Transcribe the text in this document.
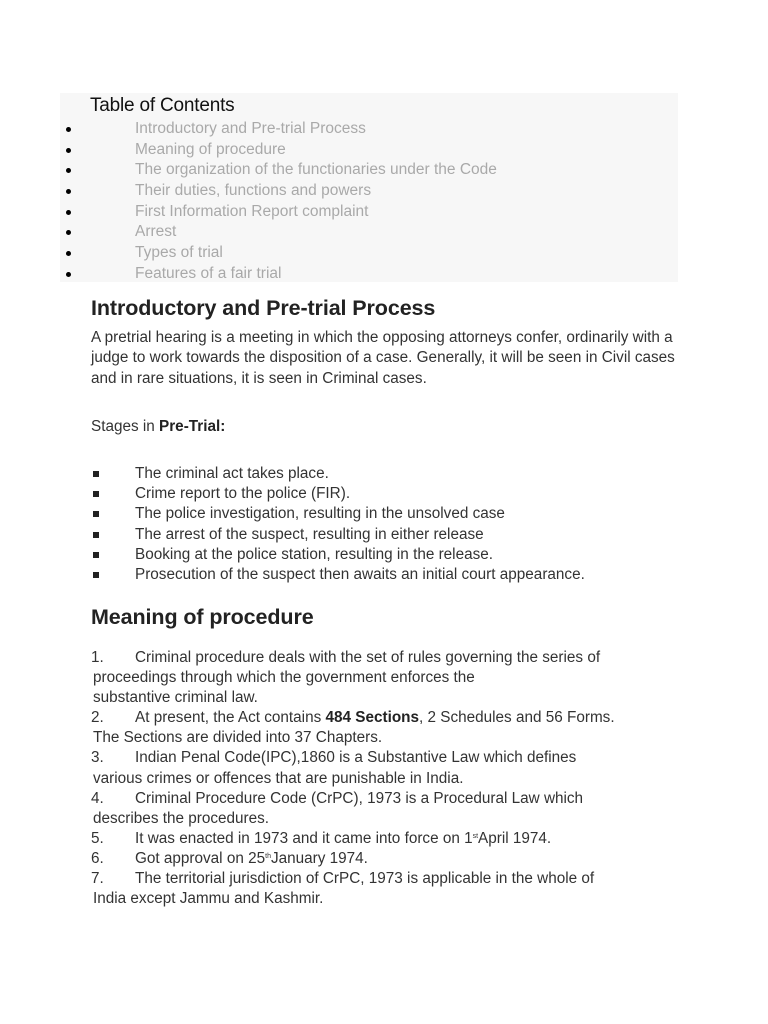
Table of Contents
Introductory and Pre-trial Process
Meaning of procedure
The organization of the functionaries under the Code
Their duties, functions and powers
First Information Report complaint
Arrest
Types of trial
Features of a fair trial
Introductory and Pre-trial Process

A pretrial hearing is a meeting in which the opposing attorneys confer, ordinarily with a judge to work towards the disposition of a case. Generally, it will be seen in Civil cases and in rare situations, it is seen in Criminal cases.

Stages in Pre-Trial:

The criminal act takes place.
Crime report to the police (FIR).
The police investigation, resulting in the unsolved case
The arrest of the suspect, resulting in either release
Booking at the police station, resulting in the release.
Prosecution of the suspect then awaits an initial court appearance.
Meaning of procedure
1.	Criminal procedure deals with the set of rules governing the series of
proceedings through which the government enforces the
substantive criminal law.
2.	At present, the Act contains 484 Sections, 2 Schedules and 56 Forms.
The Sections are divided into 37 Chapters.
3.	Indian Penal Code(IPC),1860 is a Substantive Law which defines
various crimes or offences that are punishable in India.
4.	Criminal Procedure Code (CrPC), 1973 is a Procedural Law which
describes the procedures.
5.	It was enacted in 1973 and it came into force on 1stApril 1974.
6.	Got approval on 25thJanuary 1974.
7.	The territorial jurisdiction of CrPC, 1973 is applicable in the whole of
India except Jammu and Kashmir.
